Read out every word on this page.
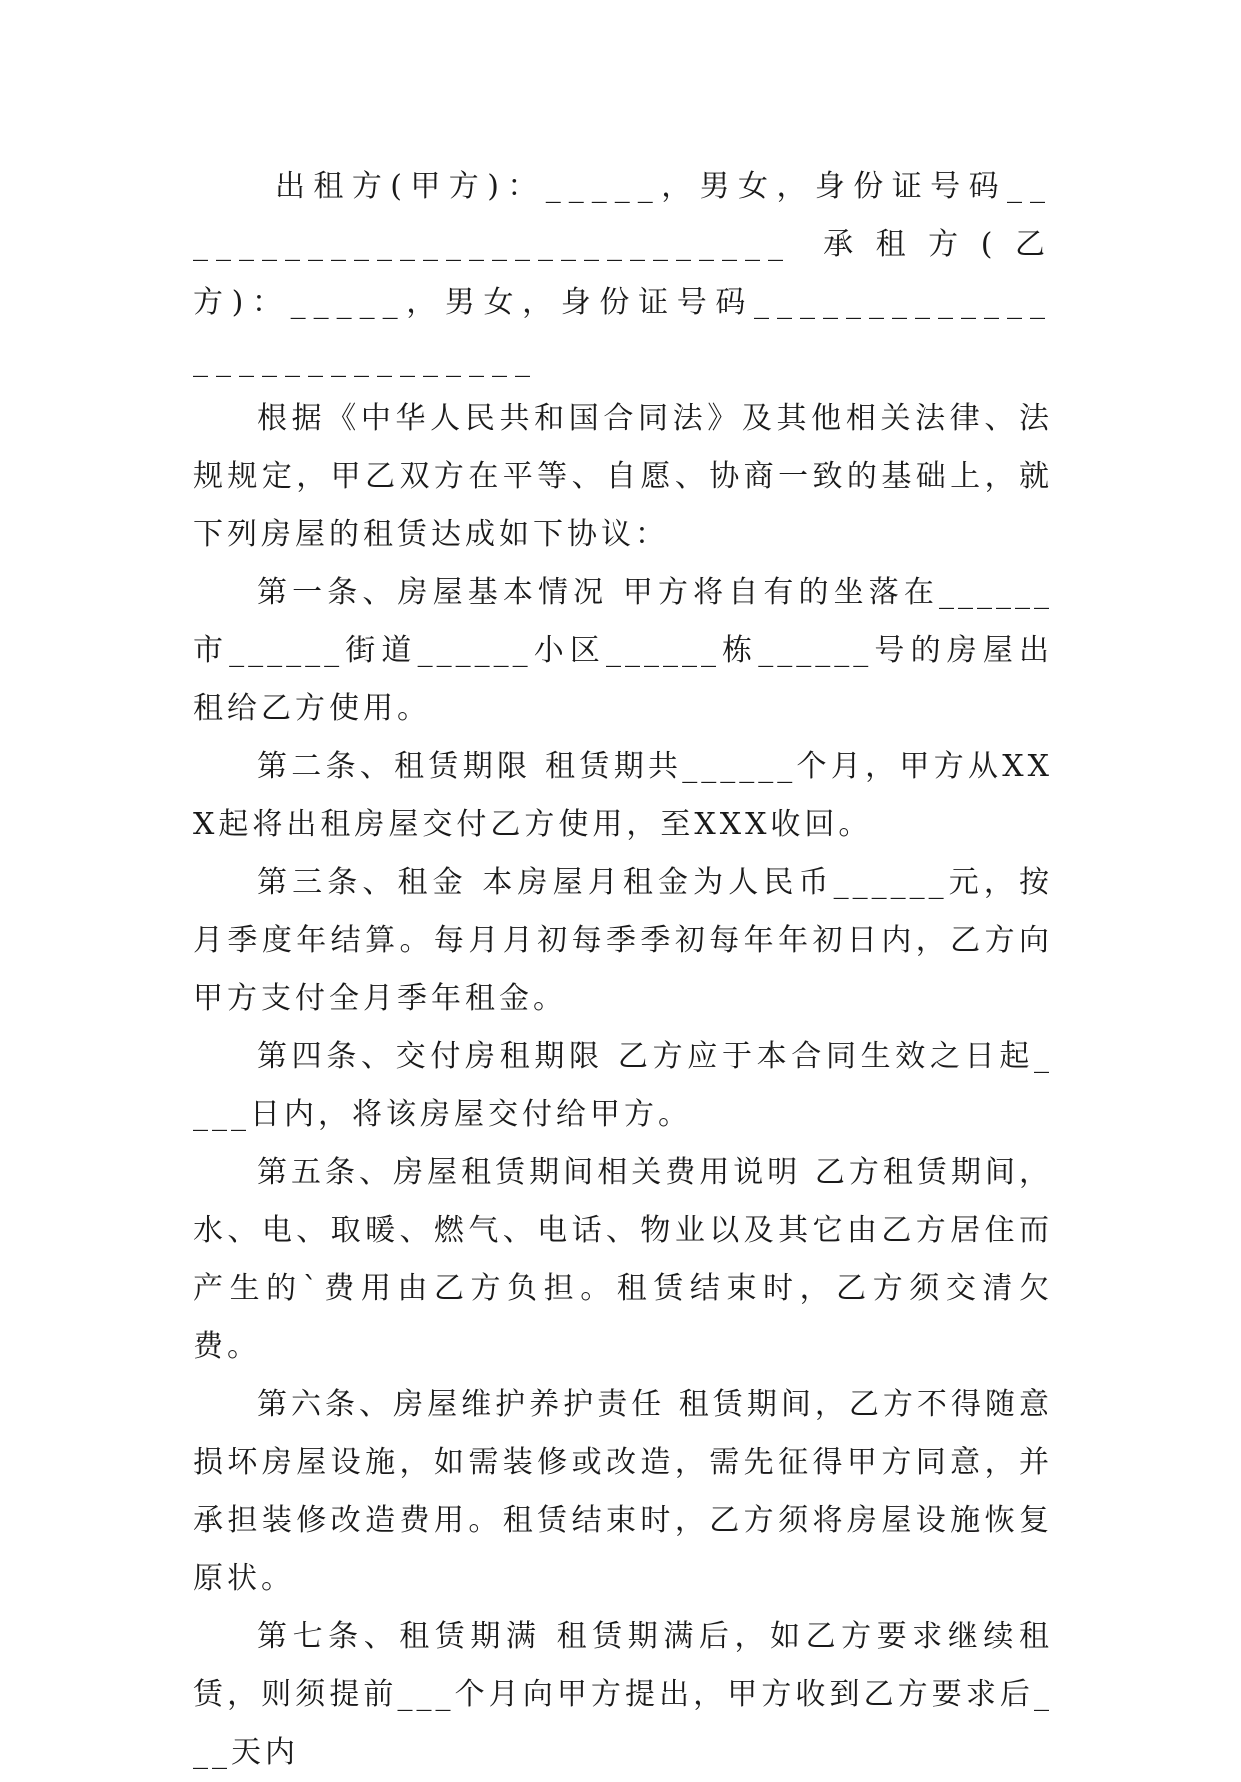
出租方(甲方)：_____，男女，身份证号码____________________________ 承租方(乙方)：_____，男女，身份证号码____________________________

根据《中华人民共和国合同法》及其他相关法律、法规规定，甲乙双方在平等、自愿、协商一致的基础上，就下列房屋的租赁达成如下协议：

第一条、房屋基本情况 甲方将自有的坐落在______市______街道______小区______栋______号的房屋出租给乙方使用。

第二条、租赁期限 租赁期共______个月，甲方从XXX起将出租房屋交付乙方使用，至XXX收回。

第三条、租金 本房屋月租金为人民币______元，按月季度年结算。每月月初每季季初每年年初日内，乙方向甲方支付全月季年租金。

第四条、交付房租期限 乙方应于本合同生效之日起____日内，将该房屋交付给甲方。

第五条、房屋租赁期间相关费用说明 乙方租赁期间，水、电、取暖、燃气、电话、物业以及其它由乙方居住而产生的`费用由乙方负担。租赁结束时，乙方须交清欠费。

第六条、房屋维护养护责任 租赁期间，乙方不得随意损坏房屋设施，如需装修或改造，需先征得甲方同意，并承担装修改造费用。租赁结束时，乙方须将房屋设施恢复原状。

第七条、租赁期满 租赁期满后，如乙方要求继续租赁，则须提前___个月向甲方提出，甲方收到乙方要求后___天内
